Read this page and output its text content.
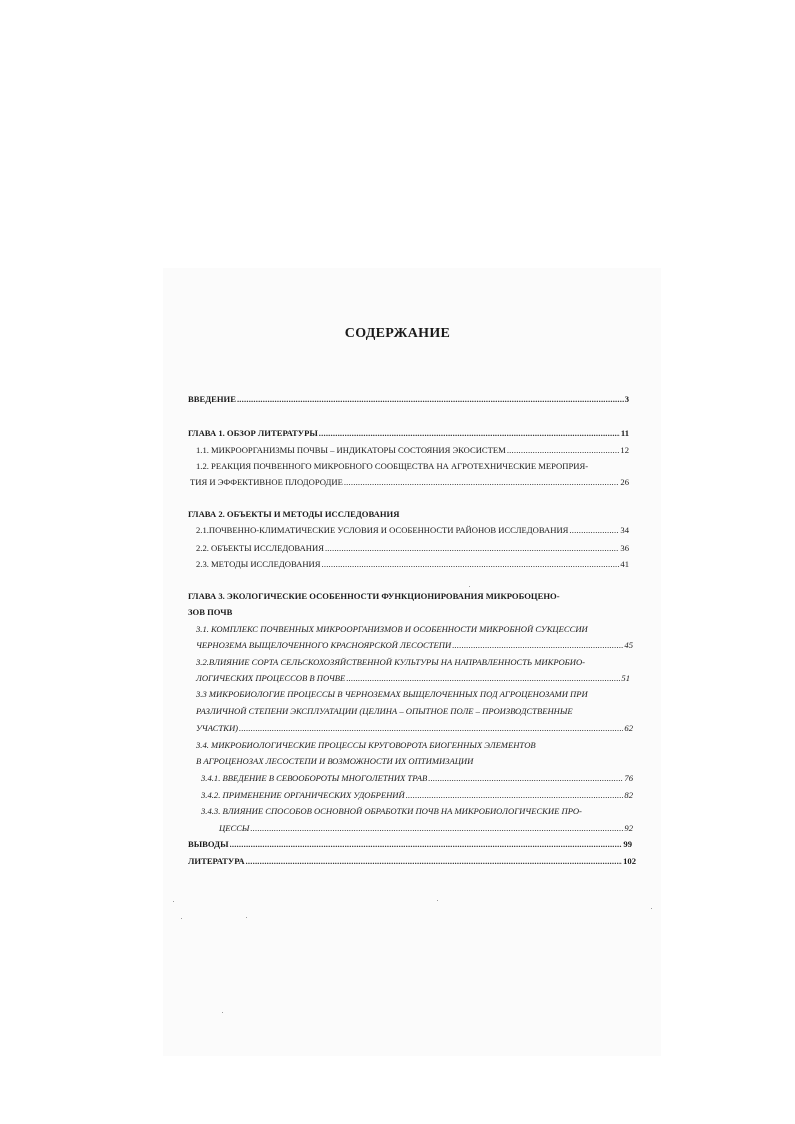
СОДЕРЖАНИЕ
ВВЕДЕНИЕ .....	3
ГЛАВА 1. ОБЗОР ЛИТЕРАТУРЫ .....	11
1.1. МИКРООРГАНИЗМЫ ПОЧВЫ – ИНДИКАТОРЫ СОСТОЯНИЯ ЭКОСИСТЕМ .....	12
1.2. РЕАКЦИЯ ПОЧВЕННОГО МИКРОБНОГО СООБЩЕСТВА НА АГРОТЕХНИЧЕСКИЕ МЕРОПРИЯ-
ТИЯ И ЭФФЕКТИВНОЕ ПЛОДОРОДИЕ .....	26
ГЛАВА 2. ОБЪЕКТЫ И МЕТОДЫ ИССЛЕДОВАНИЯ
2.1.ПОЧВЕННО-КЛИМАТИЧЕСКИЕ УСЛОВИЯ И ОСОБЕННОСТИ РАЙОНОВ ИССЛЕДОВАНИЯ .....	34
2.2. ОБЪЕКТЫ ИССЛЕДОВАНИЯ .....	36
2.3. МЕТОДЫ ИССЛЕДОВАНИЯ .....	41
ГЛАВА 3. ЭКОЛОГИЧЕСКИЕ ОСОБЕННОСТИ ФУНКЦИОНИРОВАНИЯ МИКРОБОЦЕНО-
ЗОВ ПОЧВ
3.1. КОМПЛЕКС ПОЧВЕННЫХ МИКРООРГАНИЗМОВ И ОСОБЕННОСТИ МИКРОБНОЙ СУКЦЕССИИ
ЧЕРНОЗЕМА ВЫЩЕЛОЧЕННОГО КРАСНОЯРСКОЙ ЛЕСОСТЕПИ .....	45
3.2.ВЛИЯНИЕ СОРТА СЕЛЬСКОХОЗЯЙСТВЕННОЙ КУЛЬТУРЫ НА НАПРАВЛЕННОСТЬ МИКРОБИО-
ЛОГИЧЕСКИХ ПРОЦЕССОВ В ПОЧВЕ .....	51
3.3 МИКРОБИОЛОГИЕ ПРОЦЕССЫ В ЧЕРНОЗЕМАХ ВЫЩЕЛОЧЕННЫХ ПОД АГРОЦЕНОЗАМИ ПРИ
РАЗЛИЧНОЙ СТЕПЕНИ ЭКСПЛУАТАЦИИ (ЦЕЛИНА – ОПЫТНОЕ ПОЛЕ – ПРОИЗВОДСТВЕННЫЕ
УЧАСТКИ) .....	62
3.4. МИКРОБИОЛОГИЧЕСКИЕ ПРОЦЕССЫ КРУГОВОРОТА БИОГЕННЫХ ЭЛЕМЕНТОВ
В АГРОЦЕНОЗАХ ЛЕСОСТЕПИ И ВОЗМОЖНОСТИ ИХ ОПТИМИЗАЦИИ
3.4.1. ВВЕДЕНИЕ В СЕВООБОРОТЫ МНОГОЛЕТНИХ ТРАВ .....	76
3.4.2. ПРИМЕНЕНИЕ ОРГАНИЧЕСКИХ УДОБРЕНИЙ .....	82
3.4.3. ВЛИЯНИЕ СПОСОБОВ ОСНОВНОЙ ОБРАБОТКИ ПОЧВ НА МИКРОБИОЛОГИЧЕСКИЕ ПРО-
ЦЕССЫ .....	92
ВЫВОДЫ .....	99
ЛИТЕРАТУРА .....	102
